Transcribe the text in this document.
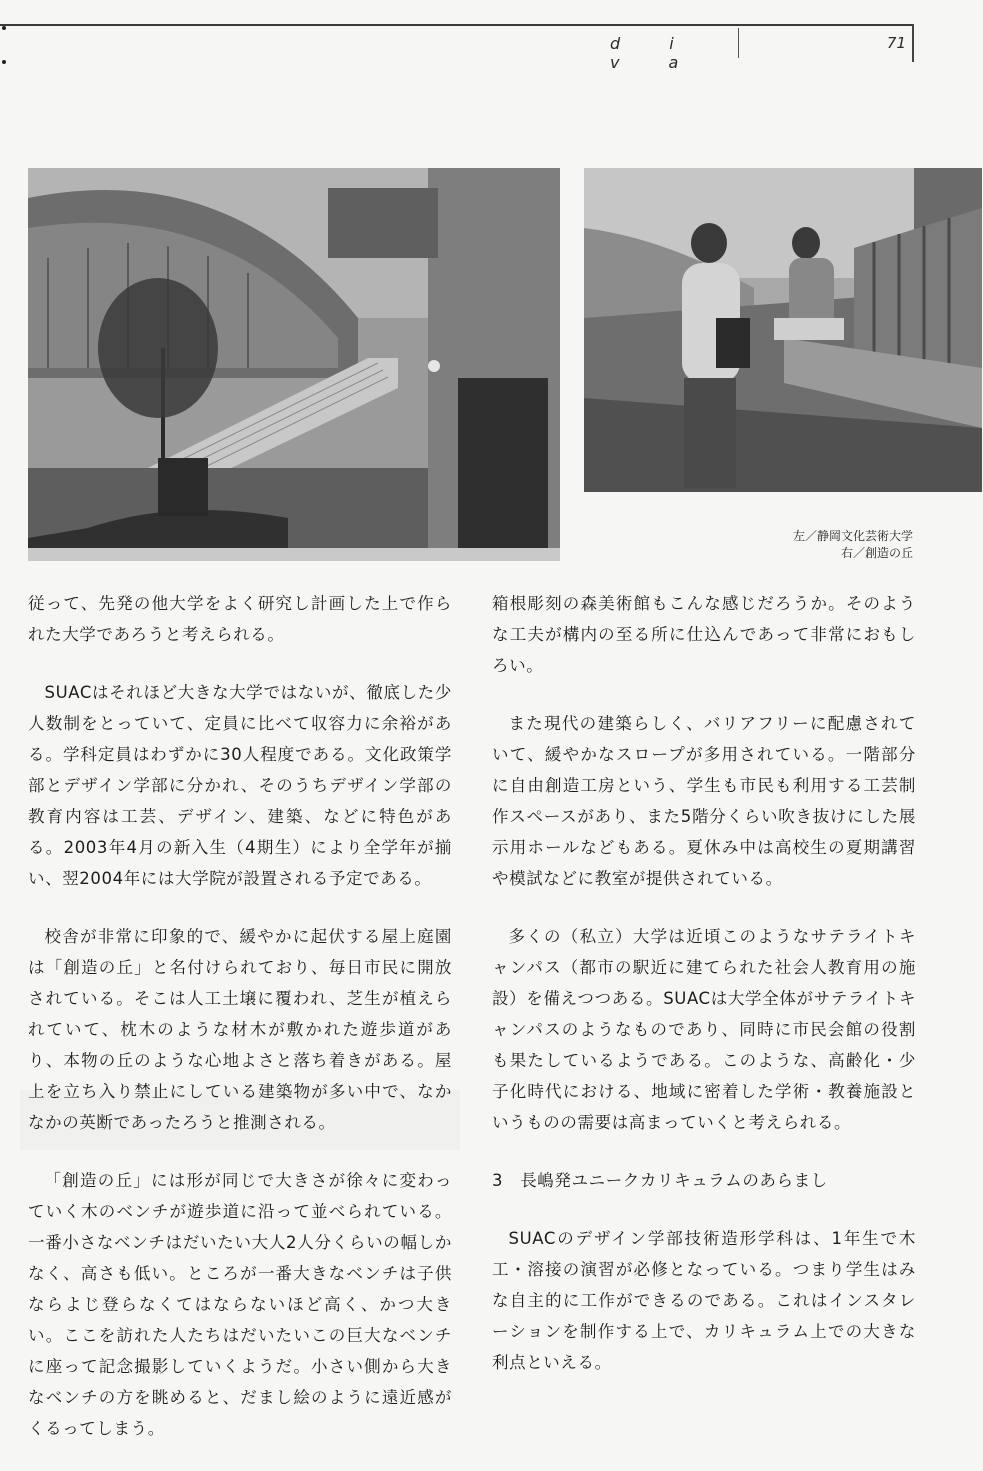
d i v a
71
左／静岡文化芸術大学
右／創造の丘

従って、先発の他大学をよく研究し計画した上で作られた大学であろうと考えられる。

SUACはそれほど大きな大学ではないが、徹底した少人数制をとっていて、定員に比べて収容力に余裕がある。学科定員はわずかに30人程度である。文化政策学部とデザイン学部に分かれ、そのうちデザイン学部の教育内容は工芸、デザイン、建築、などに特色がある。2003年4月の新入生（4期生）により全学年が揃い、翌2004年には大学院が設置される予定である。

校舎が非常に印象的で、緩やかに起伏する屋上庭園は「創造の丘」と名付けられており、毎日市民に開放されている。そこは人工土壌に覆われ、芝生が植えられていて、枕木のような材木が敷かれた遊歩道があり、本物の丘のような心地よさと落ち着きがある。屋上を立ち入り禁止にしている建築物が多い中で、なかなかの英断であったろうと推測される。

「創造の丘」には形が同じで大きさが徐々に変わっていく木のベンチが遊歩道に沿って並べられている。一番小さなベンチはだいたい大人2人分くらいの幅しかなく、高さも低い。ところが一番大きなベンチは子供ならよじ登らなくてはならないほど高く、かつ大きい。ここを訪れた人たちはだいたいこの巨大なベンチに座って記念撮影していくようだ。小さい側から大きなベンチの方を眺めると、だまし絵のように遠近感がくるってしまう。

箱根彫刻の森美術館もこんな感じだろうか。そのような工夫が構内の至る所に仕込んであって非常におもしろい。

また現代の建築らしく、バリアフリーに配慮されていて、緩やかなスロープが多用されている。一階部分に自由創造工房という、学生も市民も利用する工芸制作スペースがあり、また5階分くらい吹き抜けにした展示用ホールなどもある。夏休み中は高校生の夏期講習や模試などに教室が提供されている。

多くの（私立）大学は近頃このようなサテライトキャンパス（都市の駅近に建てられた社会人教育用の施設）を備えつつある。SUACは大学全体がサテライトキャンパスのようなものであり、同時に市民会館の役割も果たしているようである。このような、高齢化・少子化時代における、地域に密着した学術・教養施設というものの需要は高まっていくと考えられる。

3　長嶋発ユニークカリキュラムのあらまし

SUACのデザイン学部技術造形学科は、1年生で木工・溶接の演習が必修となっている。つまり学生はみな自主的に工作ができるのである。これはインスタレーションを制作する上で、カリキュラム上での大きな利点といえる。
